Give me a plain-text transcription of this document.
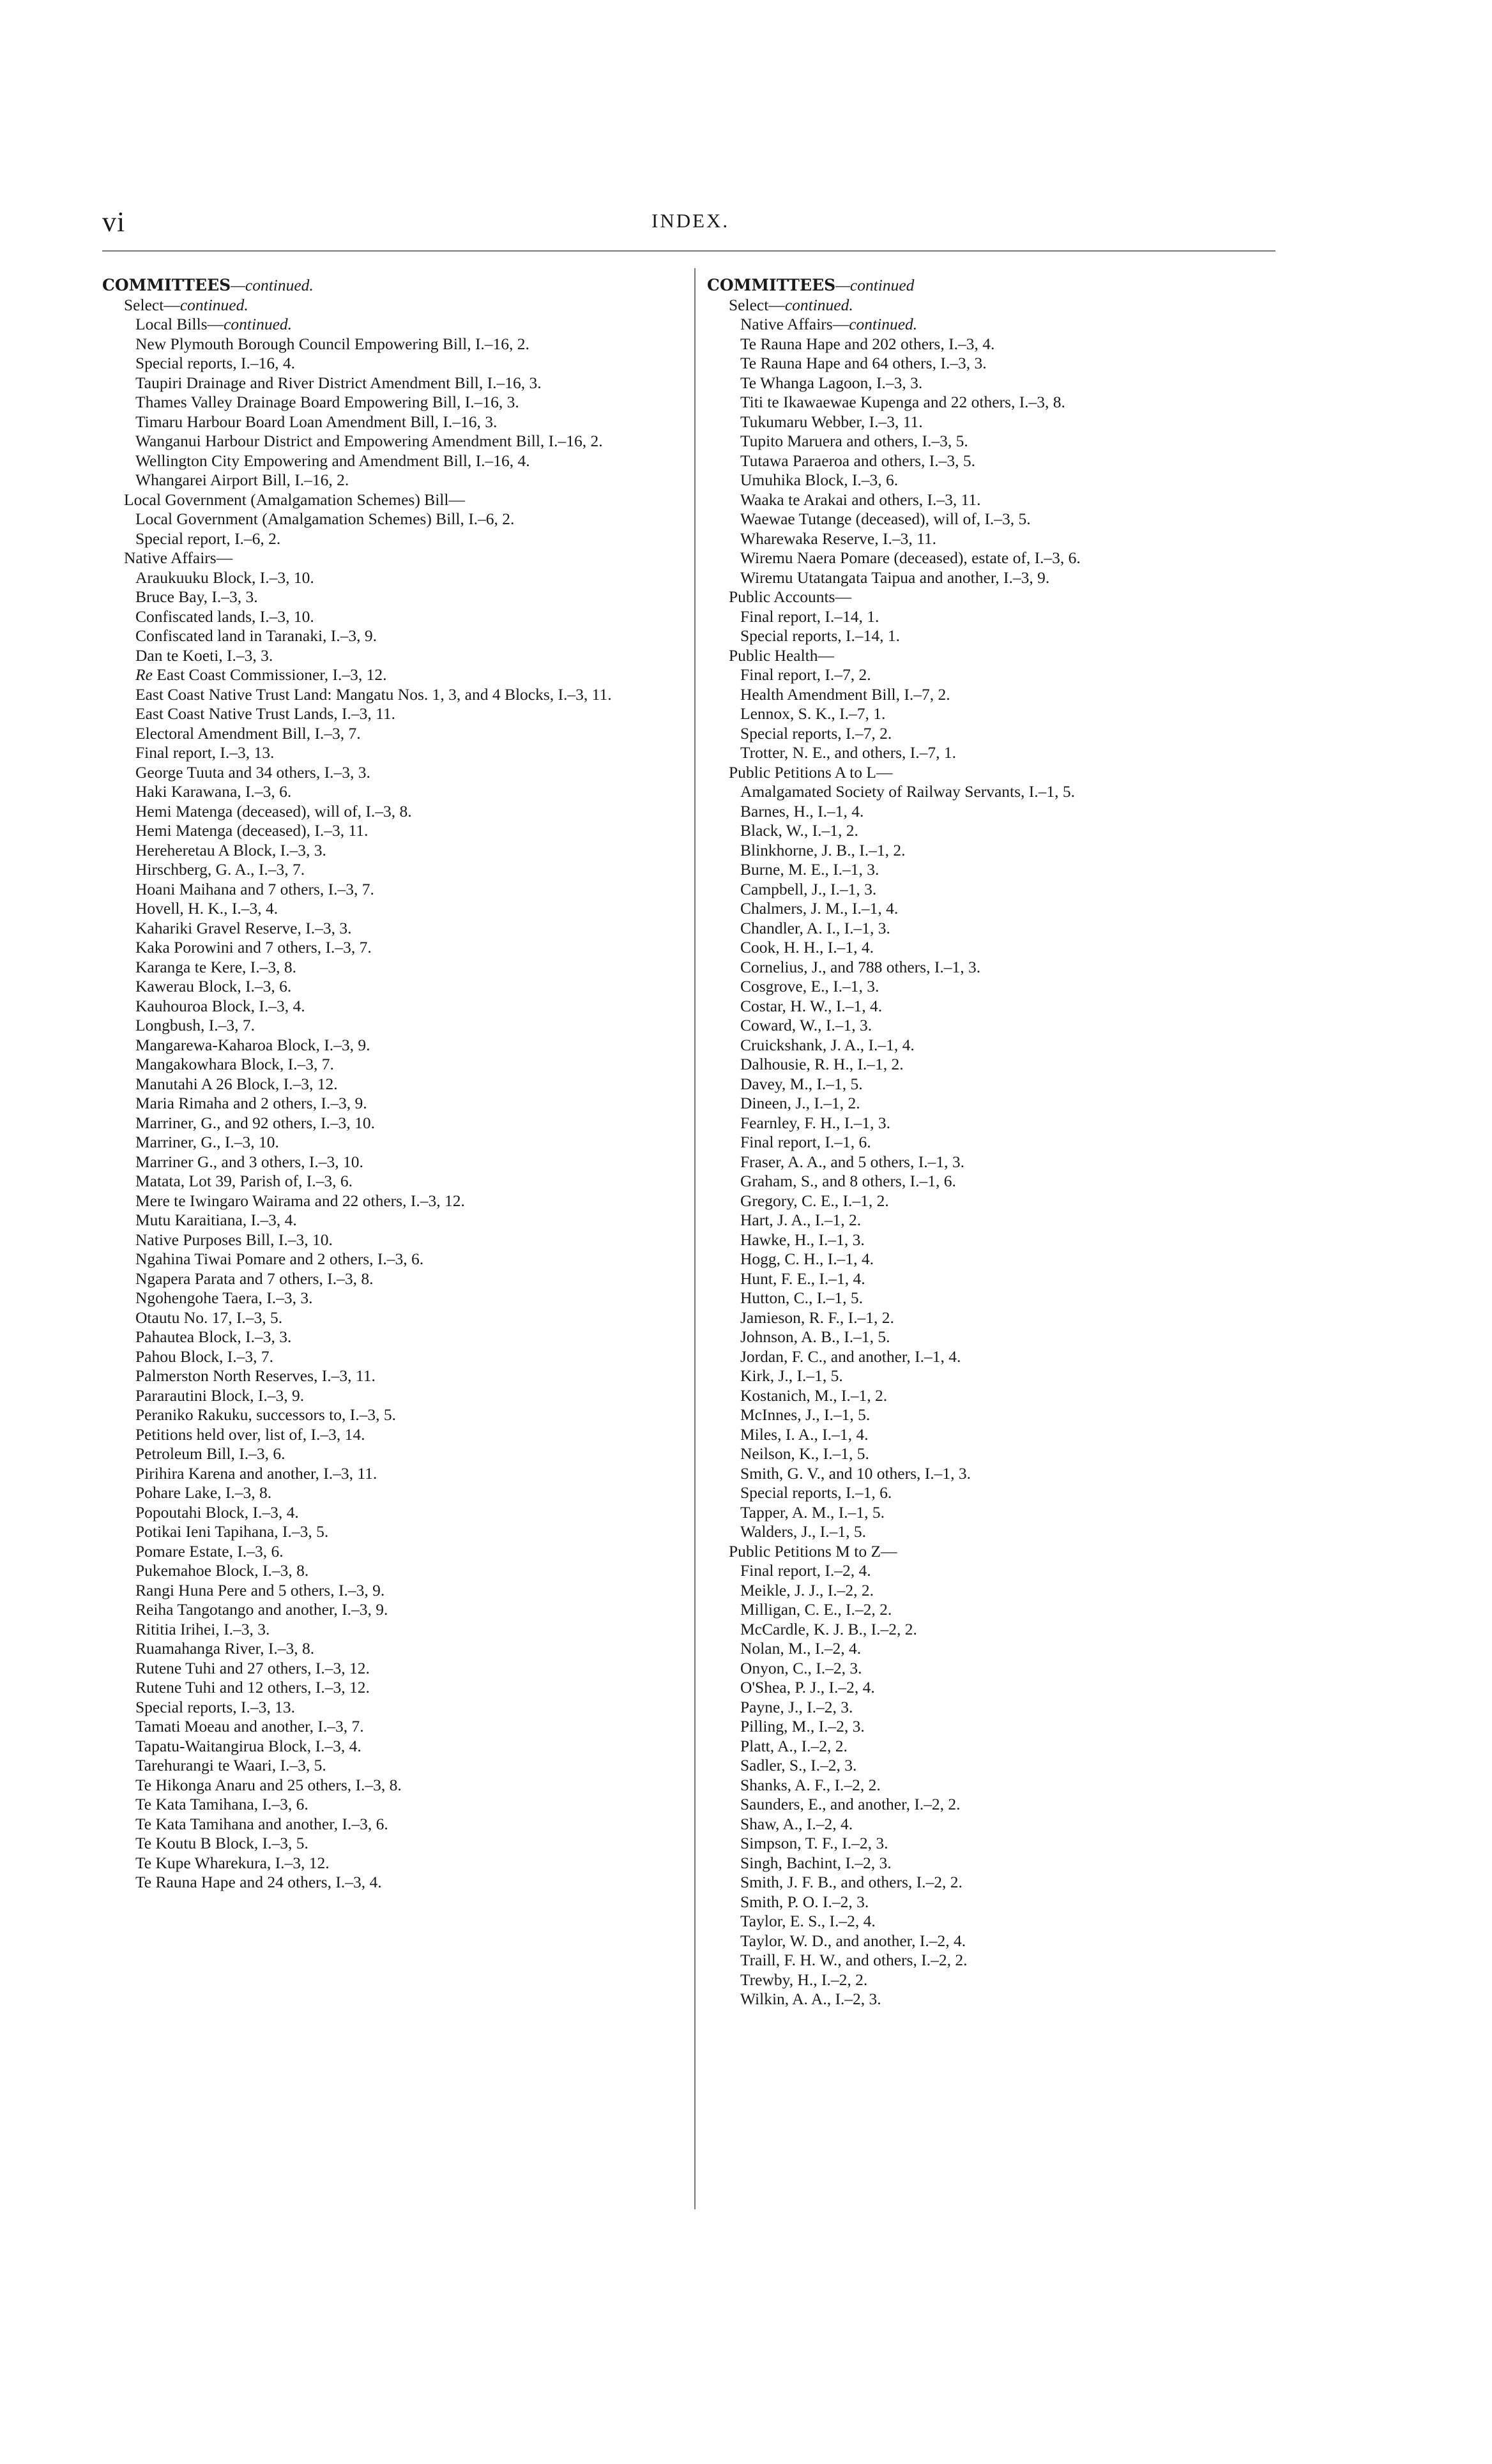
vi	INDEX.
COMMITTEES—continued.
Select—continued.
Local Bills—continued.
New Plymouth Borough Council Empowering Bill, I.–16, 2.
Special reports, I.–16, 4.
Taupiri Drainage and River District Amendment Bill, I.–16, 3.
Thames Valley Drainage Board Empowering Bill, I.–16, 3.
Timaru Harbour Board Loan Amendment Bill, I.–16, 3.
Wanganui Harbour District and Empowering Amendment Bill, I.–16, 2.
Wellington City Empowering and Amendment Bill, I.–16, 4.
Whangarei Airport Bill, I.–16, 2.
Local Government (Amalgamation Schemes) Bill—
Local Government (Amalgamation Schemes) Bill, I.–6, 2.
Special report, I.–6, 2.
Native Affairs—
Araukuuku Block, I.–3, 10.
Bruce Bay, I.–3, 3.
Confiscated lands, I.–3, 10.
Confiscated land in Taranaki, I.–3, 9.
Dan te Koeti, I.–3, 3.
Re East Coast Commissioner, I.–3, 12.
East Coast Native Trust Land: Mangatu Nos. 1, 3, and 4 Blocks, I.–3, 11.
East Coast Native Trust Lands, I.–3, 11.
Electoral Amendment Bill, I.–3, 7.
Final report, I.–3, 13.
George Tuuta and 34 others, I.–3, 3.
Haki Karawana, I.–3, 6.
Hemi Matenga (deceased), will of, I.–3, 8.
Hemi Matenga (deceased), I.–3, 11.
Hereheretau A Block, I.–3, 3.
Hirschberg, G. A., I.–3, 7.
Hoani Maihana and 7 others, I.–3, 7.
Hovell, H. K., I.–3, 4.
Kahariki Gravel Reserve, I.–3, 3.
Kaka Porowini and 7 others, I.–3, 7.
Karanga te Kere, I.–3, 8.
Kawerau Block, I.–3, 6.
Kauhouroa Block, I.–3, 4.
Longbush, I.–3, 7.
Mangarewa-Kaharoa Block, I.–3, 9.
Mangakowhara Block, I.–3, 7.
Manutahi A 26 Block, I.–3, 12.
Maria Rimaha and 2 others, I.–3, 9.
Marriner, G., and 92 others, I.–3, 10.
Marriner, G., I.–3, 10.
Marriner G., and 3 others, I.–3, 10.
Matata, Lot 39, Parish of, I.–3, 6.
Mere te Iwingaro Wairama and 22 others, I.–3, 12.
Mutu Karaitiana, I.–3, 4.
Native Purposes Bill, I.–3, 10.
Ngahina Tiwai Pomare and 2 others, I.–3, 6.
Ngapera Parata and 7 others, I.–3, 8.
Ngohengohe Taera, I.–3, 3.
Otautu No. 17, I.–3, 5.
Pahautea Block, I.–3, 3.
Pahou Block, I.–3, 7.
Palmerston North Reserves, I.–3, 11.
Pararautini Block, I.–3, 9.
Peraniko Rakuku, successors to, I.–3, 5.
Petitions held over, list of, I.–3, 14.
Petroleum Bill, I.–3, 6.
Pirihira Karena and another, I.–3, 11.
Pohare Lake, I.–3, 8.
Popoutahi Block, I.–3, 4.
Potikai Ieni Tapihana, I.–3, 5.
Pomare Estate, I.–3, 6.
Pukemahoe Block, I.–3, 8.
Rangi Huna Pere and 5 others, I.–3, 9.
Reiha Tangotango and another, I.–3, 9.
Rititia Irihei, I.–3, 3.
Ruamahanga River, I.–3, 8.
Rutene Tuhi and 27 others, I.–3, 12.
Rutene Tuhi and 12 others, I.–3, 12.
Special reports, I.–3, 13.
Tamati Moeau and another, I.–3, 7.
Tapatu-Waitangirua Block, I.–3, 4.
Tarehurangi te Waari, I.–3, 5.
Te Hikonga Anaru and 25 others, I.–3, 8.
Te Kata Tamihana, I.–3, 6.
Te Kata Tamihana and another, I.–3, 6.
Te Koutu B Block, I.–3, 5.
Te Kupe Wharekura, I.–3, 12.
Te Rauna Hape and 24 others, I.–3, 4.
COMMITTEES—continued
Select—continued.
Native Affairs—continued.
Te Rauna Hape and 202 others, I.–3, 4.
Te Rauna Hape and 64 others, I.–3, 3.
Te Whanga Lagoon, I.–3, 3.
Titi te Ikawaewae Kupenga and 22 others, I.–3, 8.
Tukumaru Webber, I.–3, 11.
Tupito Maruera and others, I.–3, 5.
Tutawa Paraeroa and others, I.–3, 5.
Umuhika Block, I.–3, 6.
Waaka te Arakai and others, I.–3, 11.
Waewae Tutange (deceased), will of, I.–3, 5.
Wharewaka Reserve, I.–3, 11.
Wiremu Naera Pomare (deceased), estate of, I.–3, 6.
Wiremu Utatangata Taipua and another, I.–3, 9.
Public Accounts—
Final report, I.–14, 1.
Special reports, I.–14, 1.
Public Health—
Final report, I.–7, 2.
Health Amendment Bill, I.–7, 2.
Lennox, S. K., I.–7, 1.
Special reports, I.–7, 2.
Trotter, N. E., and others, I.–7, 1.
Public Petitions A to L—
Amalgamated Society of Railway Servants, I.–1, 5.
Barnes, H., I.–1, 4.
Black, W., I.–1, 2.
Blinkhorne, J. B., I.–1, 2.
Burne, M. E., I.–1, 3.
Campbell, J., I.–1, 3.
Chalmers, J. M., I.–1, 4.
Chandler, A. I., I.–1, 3.
Cook, H. H., I.–1, 4.
Cornelius, J., and 788 others, I.–1, 3.
Cosgrove, E., I.–1, 3.
Costar, H. W., I.–1, 4.
Coward, W., I.–1, 3.
Cruickshank, J. A., I.–1, 4.
Dalhousie, R. H., I.–1, 2.
Davey, M., I.–1, 5.
Dineen, J., I.–1, 2.
Fearnley, F. H., I.–1, 3.
Final report, I.–1, 6.
Fraser, A. A., and 5 others, I.–1, 3.
Graham, S., and 8 others, I.–1, 6.
Gregory, C. E., I.–1, 2.
Hart, J. A., I.–1, 2.
Hawke, H., I.–1, 3.
Hogg, C. H., I.–1, 4.
Hunt, F. E., I.–1, 4.
Hutton, C., I.–1, 5.
Jamieson, R. F., I.–1, 2.
Johnson, A. B., I.–1, 5.
Jordan, F. C., and another, I.–1, 4.
Kirk, J., I.–1, 5.
Kostanich, M., I.–1, 2.
McInnes, J., I.–1, 5.
Miles, I. A., I.–1, 4.
Neilson, K., I.–1, 5.
Smith, G. V., and 10 others, I.–1, 3.
Special reports, I.–1, 6.
Tapper, A. M., I.–1, 5.
Walders, J., I.–1, 5.
Public Petitions M to Z—
Final report, I.–2, 4.
Meikle, J. J., I.–2, 2.
Milligan, C. E., I.–2, 2.
McCardle, K. J. B., I.–2, 2.
Nolan, M., I.–2, 4.
Onyon, C., I.–2, 3.
O'Shea, P. J., I.–2, 4.
Payne, J., I.–2, 3.
Pilling, M., I.–2, 3.
Platt, A., I.–2, 2.
Sadler, S., I.–2, 3.
Shanks, A. F., I.–2, 2.
Saunders, E., and another, I.–2, 2.
Shaw, A., I.–2, 4.
Simpson, T. F., I.–2, 3.
Singh, Bachint, I.–2, 3.
Smith, J. F. B., and others, I.–2, 2.
Smith, P. O. I.–2, 3.
Taylor, E. S., I.–2, 4.
Taylor, W. D., and another, I.–2, 4.
Traill, F. H. W., and others, I.–2, 2.
Trewby, H., I.–2, 2.
Wilkin, A. A., I.–2, 3.
